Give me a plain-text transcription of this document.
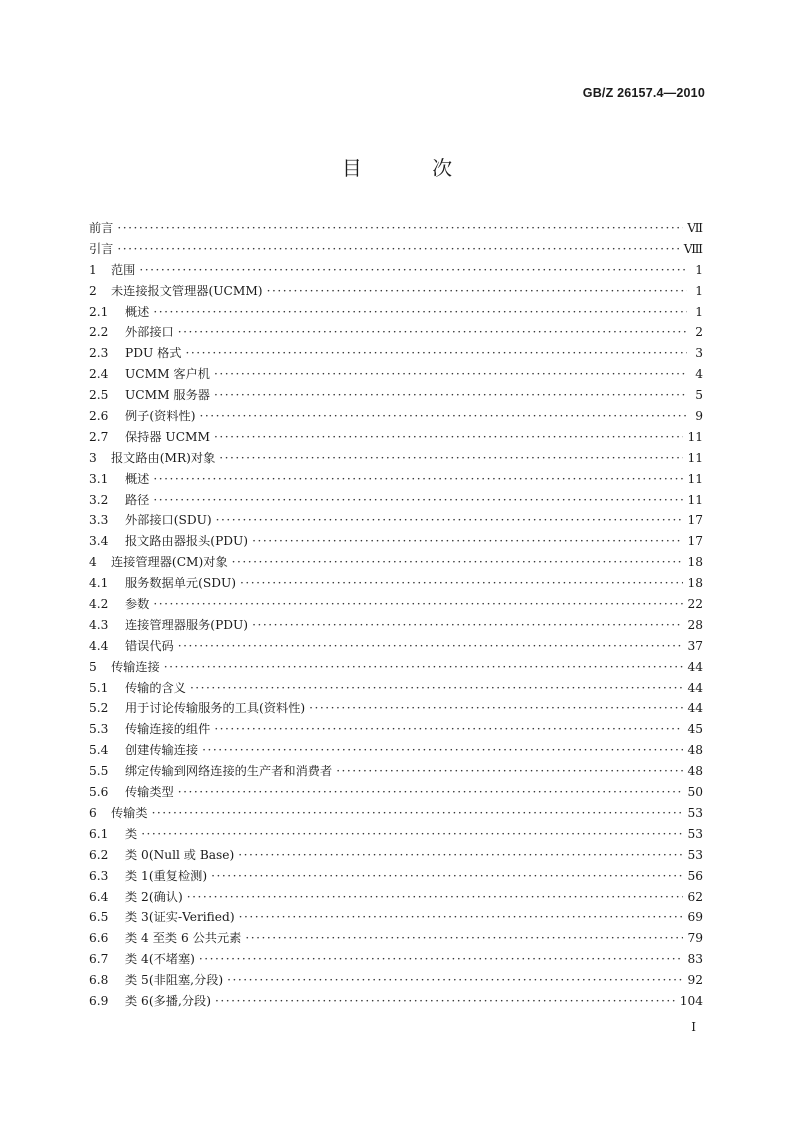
GB/Z 26157.4—2010
目 次
前言 ·····	Ⅶ
引言 ·····	Ⅷ
1	范围 ·····	1
2	未连接报文管理器(UCMM) ·····	1
2.1	概述 ·····	1
2.2	外部接口 ·····	2
2.3	PDU 格式 ·····	3
2.4	UCMM 客户机 ·····	4
2.5	UCMM 服务器 ·····	5
2.6	例子(资料性) ·····	9
2.7	保持器 UCMM ·····	11
3	报文路由(MR)对象 ·····	11
3.1	概述 ·····	11
3.2	路径 ·····	11
3.3	外部接口(SDU) ·····	17
3.4	报文路由器报头(PDU) ·····	17
4	连接管理器(CM)对象 ·····	18
4.1	服务数据单元(SDU) ·····	18
4.2	参数 ·····	22
4.3	连接管理器服务(PDU) ·····	28
4.4	错误代码 ·····	37
5	传输连接 ·····	44
5.1	传输的含义 ·····	44
5.2	用于讨论传输服务的工具(资料性) ·····	44
5.3	传输连接的组件 ·····	45
5.4	创建传输连接 ·····	48
5.5	绑定传输到网络连接的生产者和消费者 ·····	48
5.6	传输类型 ·····	50
6	传输类 ·····	53
6.1	类 ·····	53
6.2	类 0(Null 或 Base) ·····	53
6.3	类 1(重复检测) ·····	56
6.4	类 2(确认) ·····	62
6.5	类 3(证实-Verified) ·····	69
6.6	类 4 至类 6 公共元素 ·····	79
6.7	类 4(不堵塞) ·····	83
6.8	类 5(非阻塞,分段) ·····	92
6.9	类 6(多播,分段) ·····	104
Ⅰ
